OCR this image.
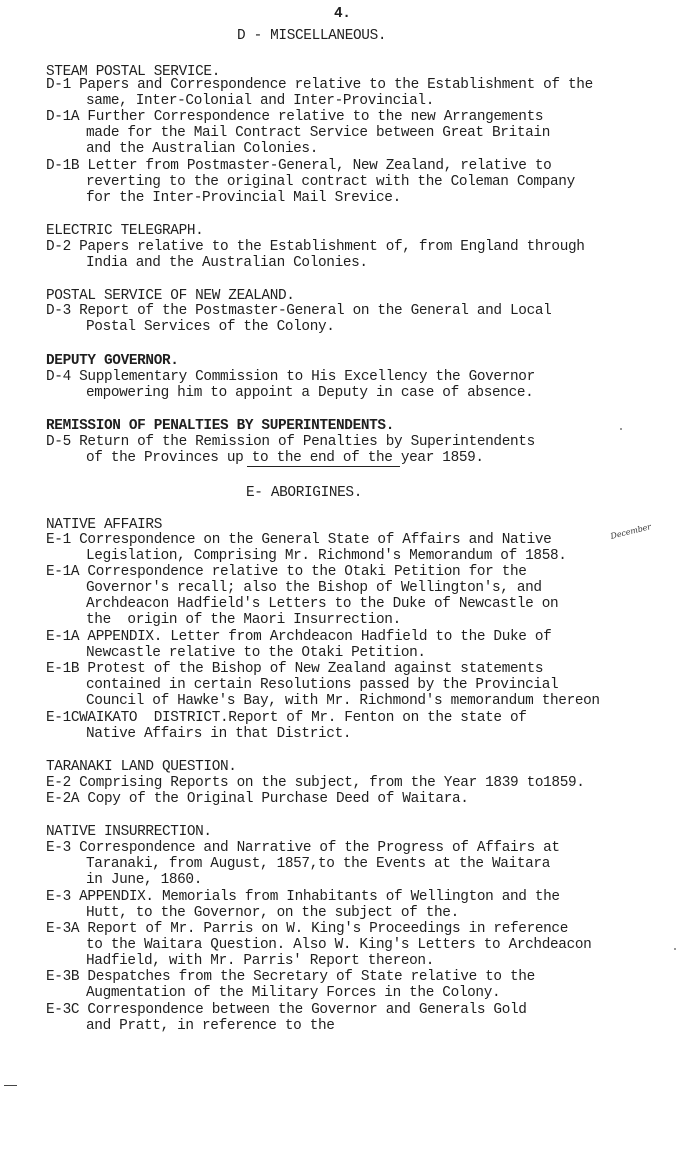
4.
D - MISCELLANEOUS.
STEAM POSTAL SERVICE.
D-1 Papers and Correspondence relative to the Establishment of the
same, Inter-Colonial and Inter-Provincial.
D-1A Further Correspondence relative to the new Arrangements
made for the Mail Contract Service between Great Britain
and the Australian Colonies.
D-1B Letter from Postmaster-General, New Zealand, relative to
reverting to the original contract with the Coleman Company
for the Inter-Provincial Mail Srevice.
ELECTRIC TELEGRAPH.
D-2 Papers relative to the Establishment of, from England through
India and the Australian Colonies.
POSTAL SERVICE OF NEW ZEALAND.
D-3 Report of the Postmaster-General on the General and Local
Postal Services of the Colony.
DEPUTY GOVERNOR.
D-4 Supplementary Commission to His Excellency the Governor
empowering him to appoint a Deputy in case of absence.
REMISSION OF PENALTIES BY SUPERINTENDENTS.
D-5 Return of the Remission of Penalties by Superintendents
of the Provinces up to the end of the year 1859.
E- ABORIGINES.
NATIVE AFFAIRS
E-1 Correspondence on the General State of Affairs and Native
Legislation, Comprising Mr. Richmond's Memorandum of 1858.
E-1A Correspondence relative to the Otaki Petition for the
Governor's recall; also the Bishop of Wellington's, and
Archdeacon Hadfield's Letters to the Duke of Newcastle on
the  origin of the Maori Insurrection.
E-1A APPENDIX. Letter from Archdeacon Hadfield to the Duke of
Newcastle relative to the Otaki Petition.
E-1B Protest of the Bishop of New Zealand against statements
contained in certain Resolutions passed by the Provincial
Council of Hawke's Bay, with Mr. Richmond's memorandum thereon
E-1CWAIKATO  DISTRICT.Report of Mr. Fenton on the state of
Native Affairs in that District.
December
TARANAKI LAND QUESTION.
E-2 Comprising Reports on the subject, from the Year 1839 to1859.
E-2A Copy of the Original Purchase Deed of Waitara.
NATIVE INSURRECTION.
E-3 Correspondence and Narrative of the Progress of Affairs at
Taranaki, from August, 1857,to the Events at the Waitara
in June, 1860.
E-3 APPENDIX. Memorials from Inhabitants of Wellington and the
Hutt, to the Governor, on the subject of the.
E-3A Report of Mr. Parris on W. King's Proceedings in reference
to the Waitara Question. Also W. King's Letters to Archdeacon
Hadfield, with Mr. Parris' Report thereon.
E-3B Despatches from the Secretary of State relative to the
Augmentation of the Military Forces in the Colony.
E-3C Correspondence between the Governor and Generals Gold
and Pratt, in reference to the
